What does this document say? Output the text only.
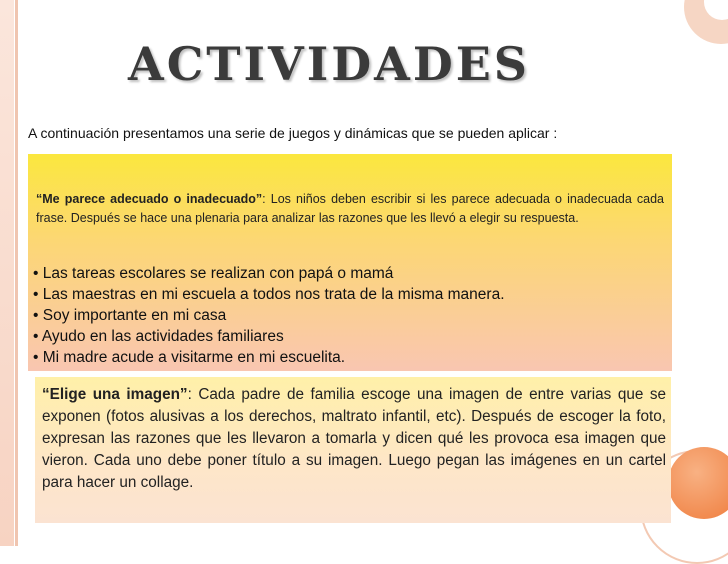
ACTIVIDADES

A continuación presentamos una serie de juegos y dinámicas que se pueden aplicar :

“Me parece adecuado o inadecuado”: Los niños deben escribir si les parece adecuada o inadecuada cada frase. Después se hace una plenaria para analizar las razones que les llevó a elegir su respuesta.

• Las tareas escolares se realizan con papá o mamá
• Las maestras en mi escuela a todos nos trata de la misma manera.
• Soy importante en mi casa
• Ayudo en las actividades familiares
• Mi madre acude a visitarme en mi escuelita.

“Elige una imagen”: Cada padre de familia escoge una imagen de entre varias que se exponen (fotos alusivas a los derechos, maltrato infantil, etc). Después de escoger la foto, expresan las razones que les llevaron a tomarla y dicen qué les provoca esa imagen que vieron. Cada uno debe poner título a su imagen. Luego pegan las imágenes en un cartel para hacer un collage.
